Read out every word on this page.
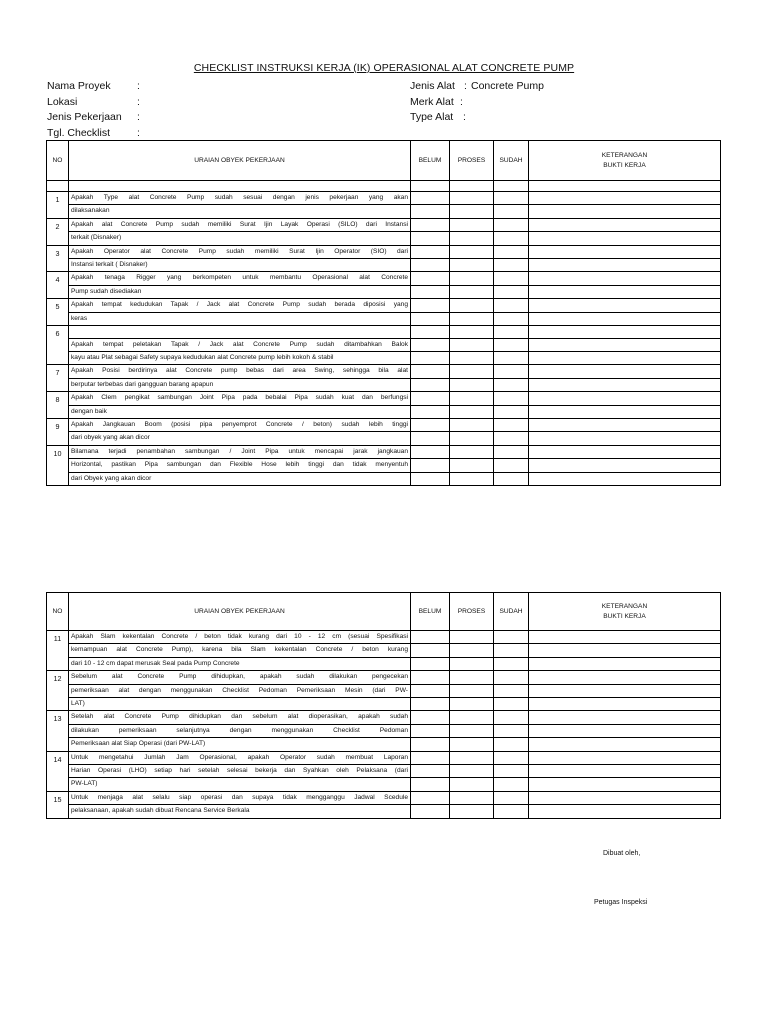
CHECKLIST INSTRUKSI KERJA (IK) OPERASIONAL ALAT CONCRETE PUMP
Nama Proyek	:
Lokasi	:
Jenis Pekerjaan :
Tgl. Checklist	:
Jenis Alat : Concrete Pump
Merk Alat :
Type Alat :
NO	URAIAN OBYEK PEKERJAAN	BELUM	PROSES	SUDAH	KETERANGAN
BUKTI KERJA

1	Apakah Type alat Concrete Pump sudah sesuai dengan jenis pekerjaan yang akan				
	dilaksanakan				
2	Apakah alat Concrete Pump sudah memiliki Surat Ijin Layak Operasi (SILO) dari Instansi				
	terkait (Disnaker)				
3	Apakah Operator alat Concrete Pump sudah memiliki Surat Ijin Operator (SIO) dari				
	Instansi terkait ( Disnaker)				
4	Apakah tenaga Rigger yang berkompeten untuk membantu Operasional alat Concrete				
	Pump sudah disediakan				
5	Apakah tempat kedudukan Tapak / Jack alat Concrete Pump sudah berada diposisi yang				
	keras				
6					
	Apakah tempat peletakan Tapak / Jack alat Concrete Pump sudah ditambahkan Balok				
	kayu atau Plat sebagai Safety supaya kedudukan alat Concrete pump lebih kokoh & stabil				
7	Apakah Posisi berdirinya alat Concrete pump bebas dari area Swing, sehingga bila alat				
	berputar terbebas dari gangguan barang apapun				
8	Apakah Clem pengikat sambungan Joint Pipa pada bebalai Pipa sudah kuat dan berfungsi				
	dengan baik				
9	Apakah Jangkauan Boom (posisi pipa penyemprot Concrete / beton) sudah lebih tinggi				
	dari obyek yang akan dicor				
10	Bilamana terjadi penambahan sambungan / Joint Pipa untuk mencapai jarak jangkauan				
	Horizontal, pastikan Pipa sambungan dan Flexible Hose lebih tinggi dan tidak menyentuh				
	dari Obyek yang akan dicor				
NO	URAIAN OBYEK PEKERJAAN	BELUM	PROSES	SUDAH	KETERANGAN
BUKTI KERJA

11	Apakah Slam kekentalan Concrete / beton tidak kurang dari 10 - 12 cm (sesuai Spesifikasi				
	kemampuan alat Concrete Pump), karena bila Slam kekentalan Concrete / beton kurang				
	dari 10 - 12 cm dapat merusak Seal pada Pump Concrete				
12	Sebelum alat Concrete Pump dihidupkan, apakah sudah dilakukan pengecekan				
	pemeriksaan alat dengan menggunakan Checklist Pedoman Pemeriksaan Mesin (dari PW-				
	LAT)				
13	Setelah alat Concrete Pump dihidupkan dan sebelum alat dioperasikan, apakah sudah				
	dilakukan pemeriksaan selanjutnya dengan menggunakan Checklist Pedoman				
	Pemeriksaan alat Siap Operasi (dari PW-LAT)				
14	Untuk mengetahui Jumlah Jam Operasional, apakah Operator sudah membuat Laporan				
	Harian Operasi (LHO) setiap hari setelah selesai bekerja dan Syahkan oleh Pelaksana (dari				
	PW-LAT)				
15	Untuk menjaga alat selalu siap operasi dan supaya tidak mengganggu Jadwal Scedule				
	pelaksanaan, apakah sudah dibuat Rencana Service Berkala				
Dibuat oleh,
Petugas Inspeksi
